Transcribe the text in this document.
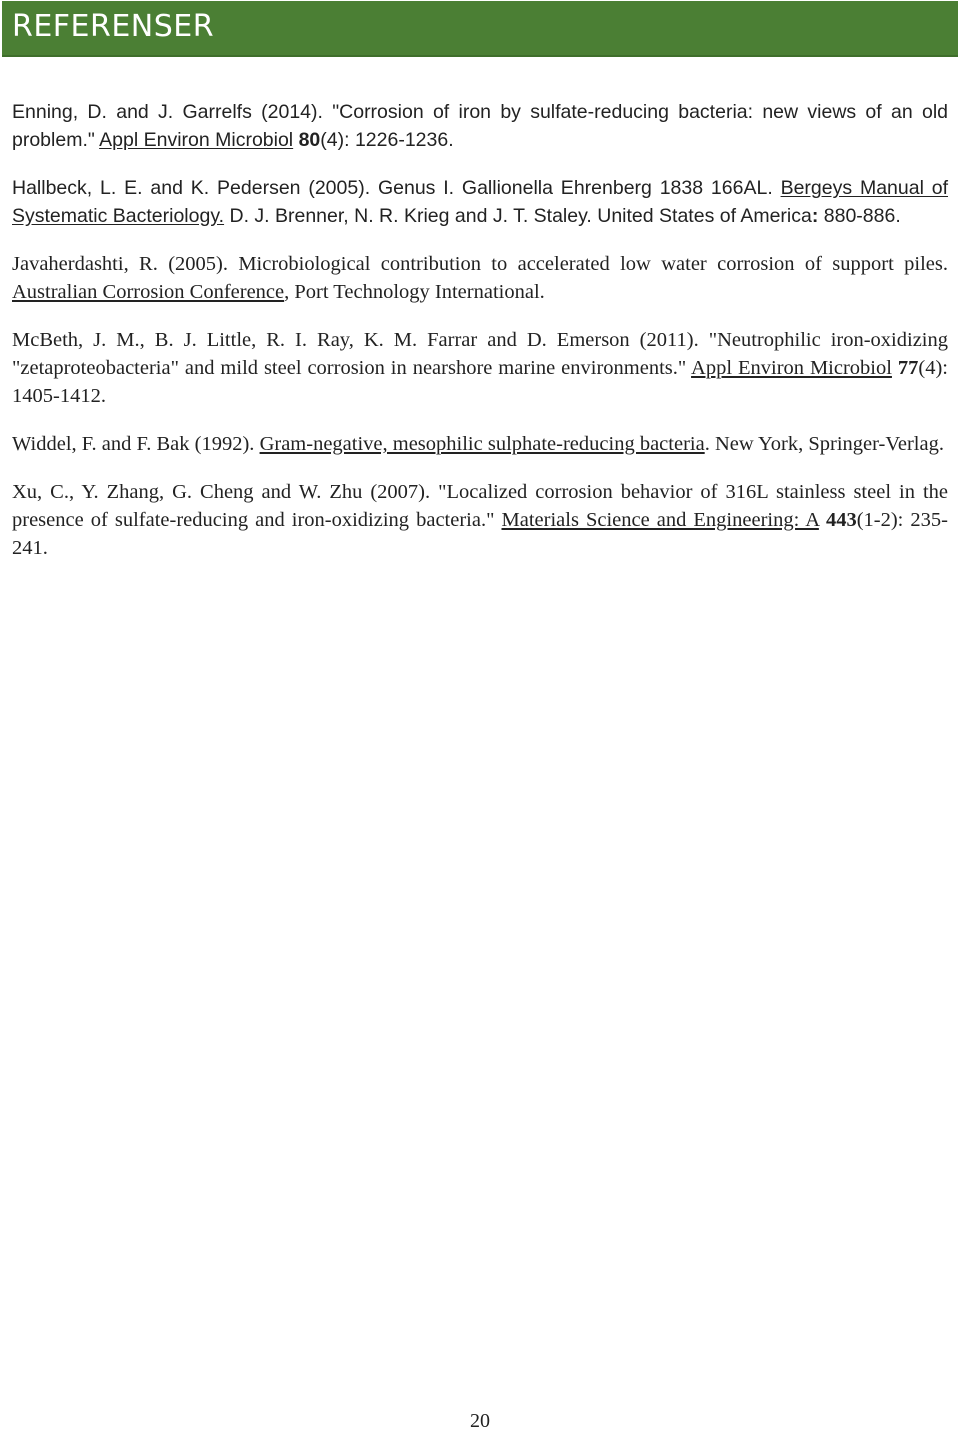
REFERENSER

Enning, D. and J. Garrelfs (2014). "Corrosion of iron by sulfate-reducing bacteria: new views of an old problem." Appl Environ Microbiol 80(4): 1226-1236.

Hallbeck, L. E. and K. Pedersen (2005). Genus I. Gallionella Ehrenberg 1838 166AL. Bergeys Manual of Systematic Bacteriology. D. J. Brenner, N. R. Krieg and J. T. Staley. United States of America: 880-886.

Javaherdashti, R. (2005). Microbiological contribution to accelerated low water corrosion of support piles. Australian Corrosion Conference, Port Technology International.

McBeth, J. M., B. J. Little, R. I. Ray, K. M. Farrar and D. Emerson (2011). "Neutrophilic iron-oxidizing "zetaproteobacteria" and mild steel corrosion in nearshore marine environments." Appl Environ Microbiol 77(4): 1405-1412.

Widdel, F. and F. Bak (1992). Gram-negative, mesophilic sulphate-reducing bacteria. New York, Springer-Verlag.

Xu, C., Y. Zhang, G. Cheng and W. Zhu (2007). "Localized corrosion behavior of 316L stainless steel in the presence of sulfate-reducing and iron-oxidizing bacteria." Materials Science and Engineering: A 443(1-2): 235-241.

20
